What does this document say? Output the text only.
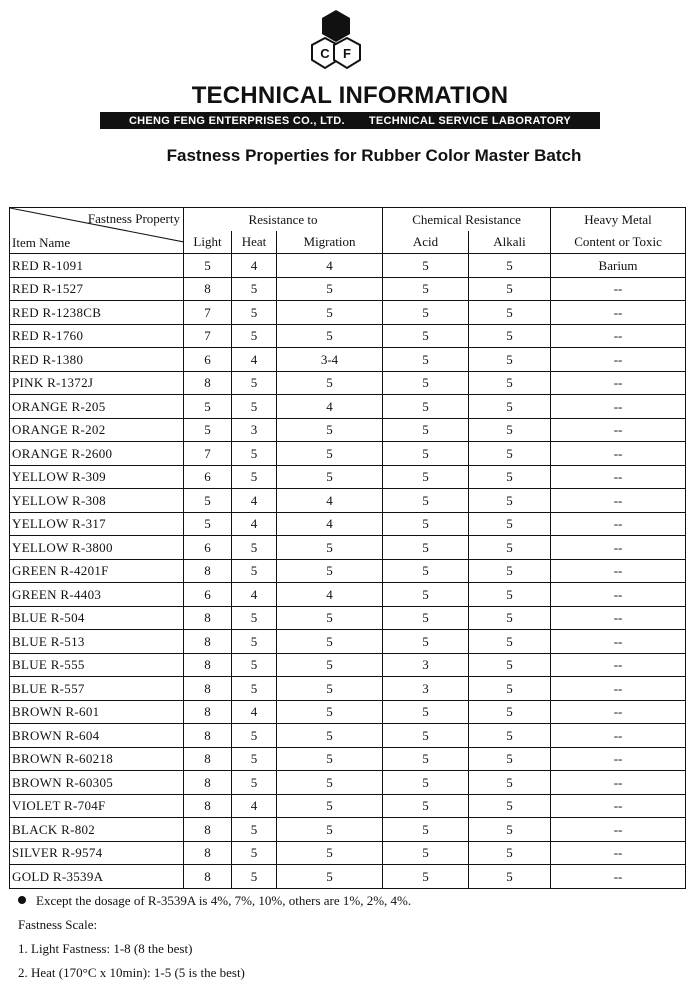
C F
TECHNICAL INFORMATION
CHENG FENG ENTERPRISES CO., LTD. TECHNICAL SERVICE LABORATORY
Fastness Properties for Rubber Color Master Batch
Fastness Property
Item Name	Resistance to			Chemical Resistance		Heavy Metal
	Light	Heat	Migration	Acid	Alkali	Content or Toxic
RED R-1091	5	4	4	5	5	Barium
RED R-1527	8	5	5	5	5	--
RED R-1238CB	7	5	5	5	5	--
RED R-1760	7	5	5	5	5	--
RED R-1380	6	4	3-4	5	5	--
PINK R-1372J	8	5	5	5	5	--
ORANGE R-205	5	5	4	5	5	--
ORANGE R-202	5	3	5	5	5	--
ORANGE R-2600	7	5	5	5	5	--
YELLOW R-309	6	5	5	5	5	--
YELLOW R-308	5	4	4	5	5	--
YELLOW R-317	5	4	4	5	5	--
YELLOW R-3800	6	5	5	5	5	--
GREEN R-4201F	8	5	5	5	5	--
GREEN R-4403	6	4	4	5	5	--
BLUE R-504	8	5	5	5	5	--
BLUE R-513	8	5	5	5	5	--
BLUE R-555	8	5	5	3	5	--
BLUE R-557	8	5	5	3	5	--
BROWN R-601	8	4	5	5	5	--
BROWN R-604	8	5	5	5	5	--
BROWN R-60218	8	5	5	5	5	--
BROWN R-60305	8	5	5	5	5	--
VIOLET R-704F	8	4	5	5	5	--
BLACK R-802	8	5	5	5	5	--
SILVER R-9574	8	5	5	5	5	--
GOLD R-3539A	8	5	5	5	5	--
Except the dosage of R-3539A is 4%, 7%, 10%, others are 1%, 2%, 4%.
Fastness Scale:
1. Light Fastness: 1-8 (8 the best)
2. Heat (170°C x 10min): 1-5 (5 is the best)
